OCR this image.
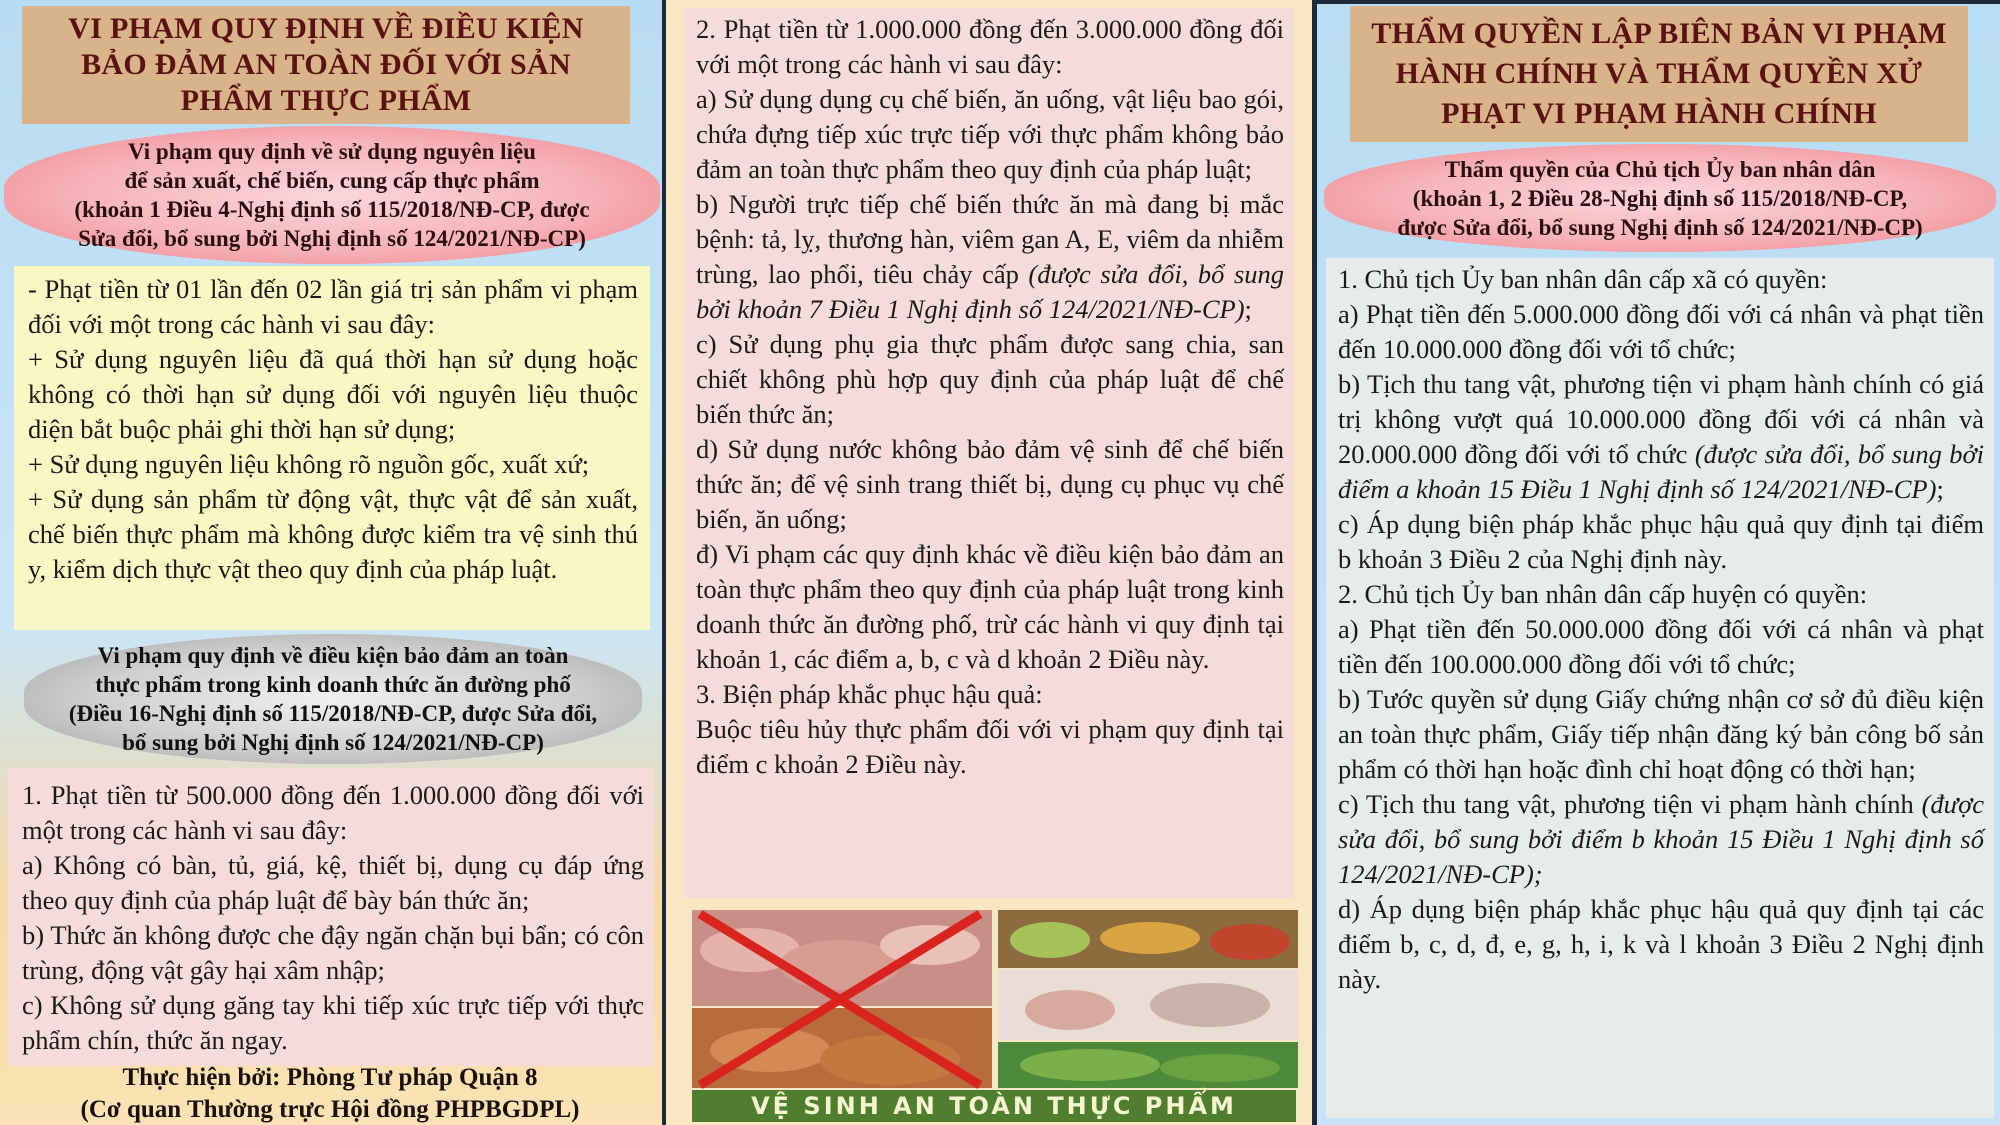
VI PHẠM QUY ĐỊNH VỀ ĐIỀU KIỆN
BẢO ĐẢM AN TOÀN ĐỐI VỚI SẢN
PHẨM THỰC PHẨM
Vi phạm quy định về sử dụng nguyên liệu
để sản xuất, chế biến, cung cấp thực phẩm
(khoản 1 Điều 4-Nghị định số 115/2018/NĐ-CP, được
Sửa đổi, bổ sung bởi Nghị định số 124/2021/NĐ-CP)

- Phạt tiền từ 01 lần đến 02 lần giá trị sản phẩm vi phạm đối với một trong các hành vi sau đây:

+ Sử dụng nguyên liệu đã quá thời hạn sử dụng hoặc không có thời hạn sử dụng đối với nguyên liệu thuộc diện bắt buộc phải ghi thời hạn sử dụng;

+ Sử dụng nguyên liệu không rõ nguồn gốc, xuất xứ;

+ Sử dụng sản phẩm từ động vật, thực vật để sản xuất, chế biến thực phẩm mà không được kiểm tra vệ sinh thú y, kiểm dịch thực vật theo quy định của pháp luật.

Vi phạm quy định về điều kiện bảo đảm an toàn
thực phẩm trong kinh doanh thức ăn đường phố
(Điều 16-Nghị định số 115/2018/NĐ-CP, được Sửa đổi,
bổ sung bởi Nghị định số 124/2021/NĐ-CP)

1. Phạt tiền từ 500.000 đồng đến 1.000.000 đồng đối với một trong các hành vi sau đây:

a) Không có bàn, tủ, giá, kệ, thiết bị, dụng cụ đáp ứng theo quy định của pháp luật để bày bán thức ăn;

b) Thức ăn không được che đậy ngăn chặn bụi bẩn; có côn trùng, động vật gây hại xâm nhập;

c) Không sử dụng găng tay khi tiếp xúc trực tiếp với thực phẩm chín, thức ăn ngay.

Thực hiện bởi: Phòng Tư pháp Quận 8
(Cơ quan Thường trực Hội đồng PHPBGDPL)

2. Phạt tiền từ 1.000.000 đồng đến 3.000.000 đồng đối với một trong các hành vi sau đây:

a) Sử dụng dụng cụ chế biến, ăn uống, vật liệu bao gói, chứa đựng tiếp xúc trực tiếp với thực phẩm không bảo đảm an toàn thực phẩm theo quy định của pháp luật;

b) Người trực tiếp chế biến thức ăn mà đang bị mắc bệnh: tả, lỵ, thương hàn, viêm gan A, E, viêm da nhiễm trùng, lao phổi, tiêu chảy cấp (được sửa đổi, bổ sung bởi khoản 7 Điều 1 Nghị định số 124/2021/NĐ-CP);

c) Sử dụng phụ gia thực phẩm được sang chia, san chiết không phù hợp quy định của pháp luật để chế biến thức ăn;

d) Sử dụng nước không bảo đảm vệ sinh để chế biến thức ăn; để vệ sinh trang thiết bị, dụng cụ phục vụ chế biến, ăn uống;

đ) Vi phạm các quy định khác về điều kiện bảo đảm an toàn thực phẩm theo quy định của pháp luật trong kinh doanh thức ăn đường phố, trừ các hành vi quy định tại khoản 1, các điểm a, b, c và d khoản 2 Điều này.

3. Biện pháp khắc phục hậu quả:

Buộc tiêu hủy thực phẩm đối với vi phạm quy định tại điểm c khoản 2 Điều này.

VỆ SINH AN TOÀN THỰC PHẨM
THẨM QUYỀN LẬP BIÊN BẢN VI PHẠM
HÀNH CHÍNH VÀ THẨM QUYỀN XỬ
PHẠT VI PHẠM HÀNH CHÍNH
Thẩm quyền của Chủ tịch Ủy ban nhân dân
(khoản 1, 2 Điều 28-Nghị định số 115/2018/NĐ-CP,
được Sửa đổi, bổ sung Nghị định số 124/2021/NĐ-CP)

1. Chủ tịch Ủy ban nhân dân cấp xã có quyền:

a) Phạt tiền đến 5.000.000 đồng đối với cá nhân và phạt tiền đến 10.000.000 đồng đối với tổ chức;

b) Tịch thu tang vật, phương tiện vi phạm hành chính có giá trị không vượt quá 10.000.000 đồng đối với cá nhân và 20.000.000 đồng đối với tổ chức (được sửa đổi, bổ sung bởi điểm a khoản 15 Điều 1 Nghị định số 124/2021/NĐ-CP);

c) Áp dụng biện pháp khắc phục hậu quả quy định tại điểm b khoản 3 Điều 2 của Nghị định này.

2. Chủ tịch Ủy ban nhân dân cấp huyện có quyền:

a) Phạt tiền đến 50.000.000 đồng đối với cá nhân và phạt tiền đến 100.000.000 đồng đối với tổ chức;

b) Tước quyền sử dụng Giấy chứng nhận cơ sở đủ điều kiện an toàn thực phẩm, Giấy tiếp nhận đăng ký bản công bố sản phẩm có thời hạn hoặc đình chỉ hoạt động có thời hạn;

c) Tịch thu tang vật, phương tiện vi phạm hành chính (được sửa đổi, bổ sung bởi điểm b khoản 15 Điều 1 Nghị định số 124/2021/NĐ-CP);

d) Áp dụng biện pháp khắc phục hậu quả quy định tại các điểm b, c, d, đ, e, g, h, i, k và l khoản 3 Điều 2 Nghị định này.
